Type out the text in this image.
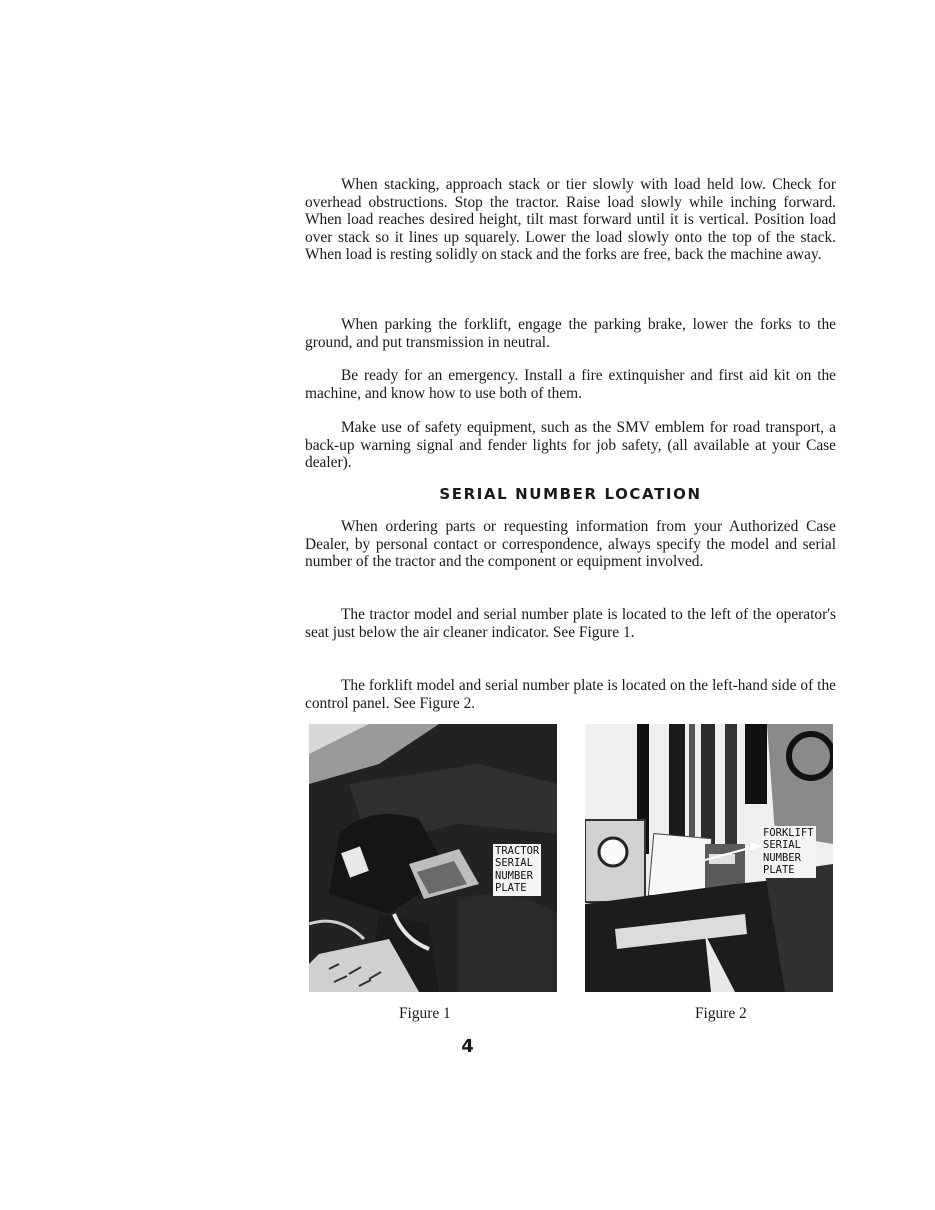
When stacking, approach stack or tier slowly with load held low. Check for overhead obstructions. Stop the tractor. Raise load slowly while inching forward. When load reaches desired height, tilt mast forward until it is vertical. Position load over stack so it lines up squarely. Lower the load slowly onto the top of the stack. When load is resting solidly on stack and the forks are free, back the machine away.

When parking the forklift, engage the parking brake, lower the forks to the ground, and put transmission in neutral.

Be ready for an emergency. Install a fire extinquisher and first aid kit on the machine, and know how to use both of them.

Make use of safety equipment, such as the SMV emblem for road transport, a back-up warning signal and fender lights for job safety, (all available at your Case dealer).

SERIAL NUMBER LOCATION

When ordering parts or requesting information from your Authorized Case Dealer, by personal contact or correspondence, always specify the model and serial number of the tractor and the component or equipment involved.

The tractor model and serial number plate is located to the left of the operator's seat just below the air cleaner indicator. See Figure 1.

The forklift model and serial number plate is located on the left-hand side of the control panel. See Figure 2.

TRACTOR
SERIAL
NUMBER
PLATE
FORKLIFT
SERIAL
NUMBER
PLATE
Figure 1	Figure 2
4
